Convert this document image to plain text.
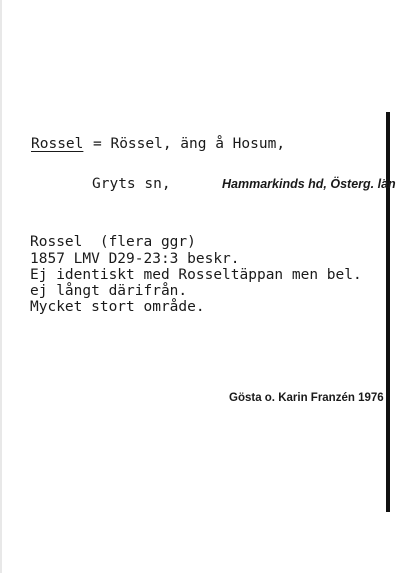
Rossel = Rössel, äng å Hosum,
Gryts sn,	Hammarkinds hd, Österg. län
Rossel  (flera ggr)
1857 LMV D29-23:3 beskr.
Ej identiskt med Rosseltäppan men bel.
ej långt därifrån.
Mycket stort område.
Gösta o. Karin Franzén 1976
